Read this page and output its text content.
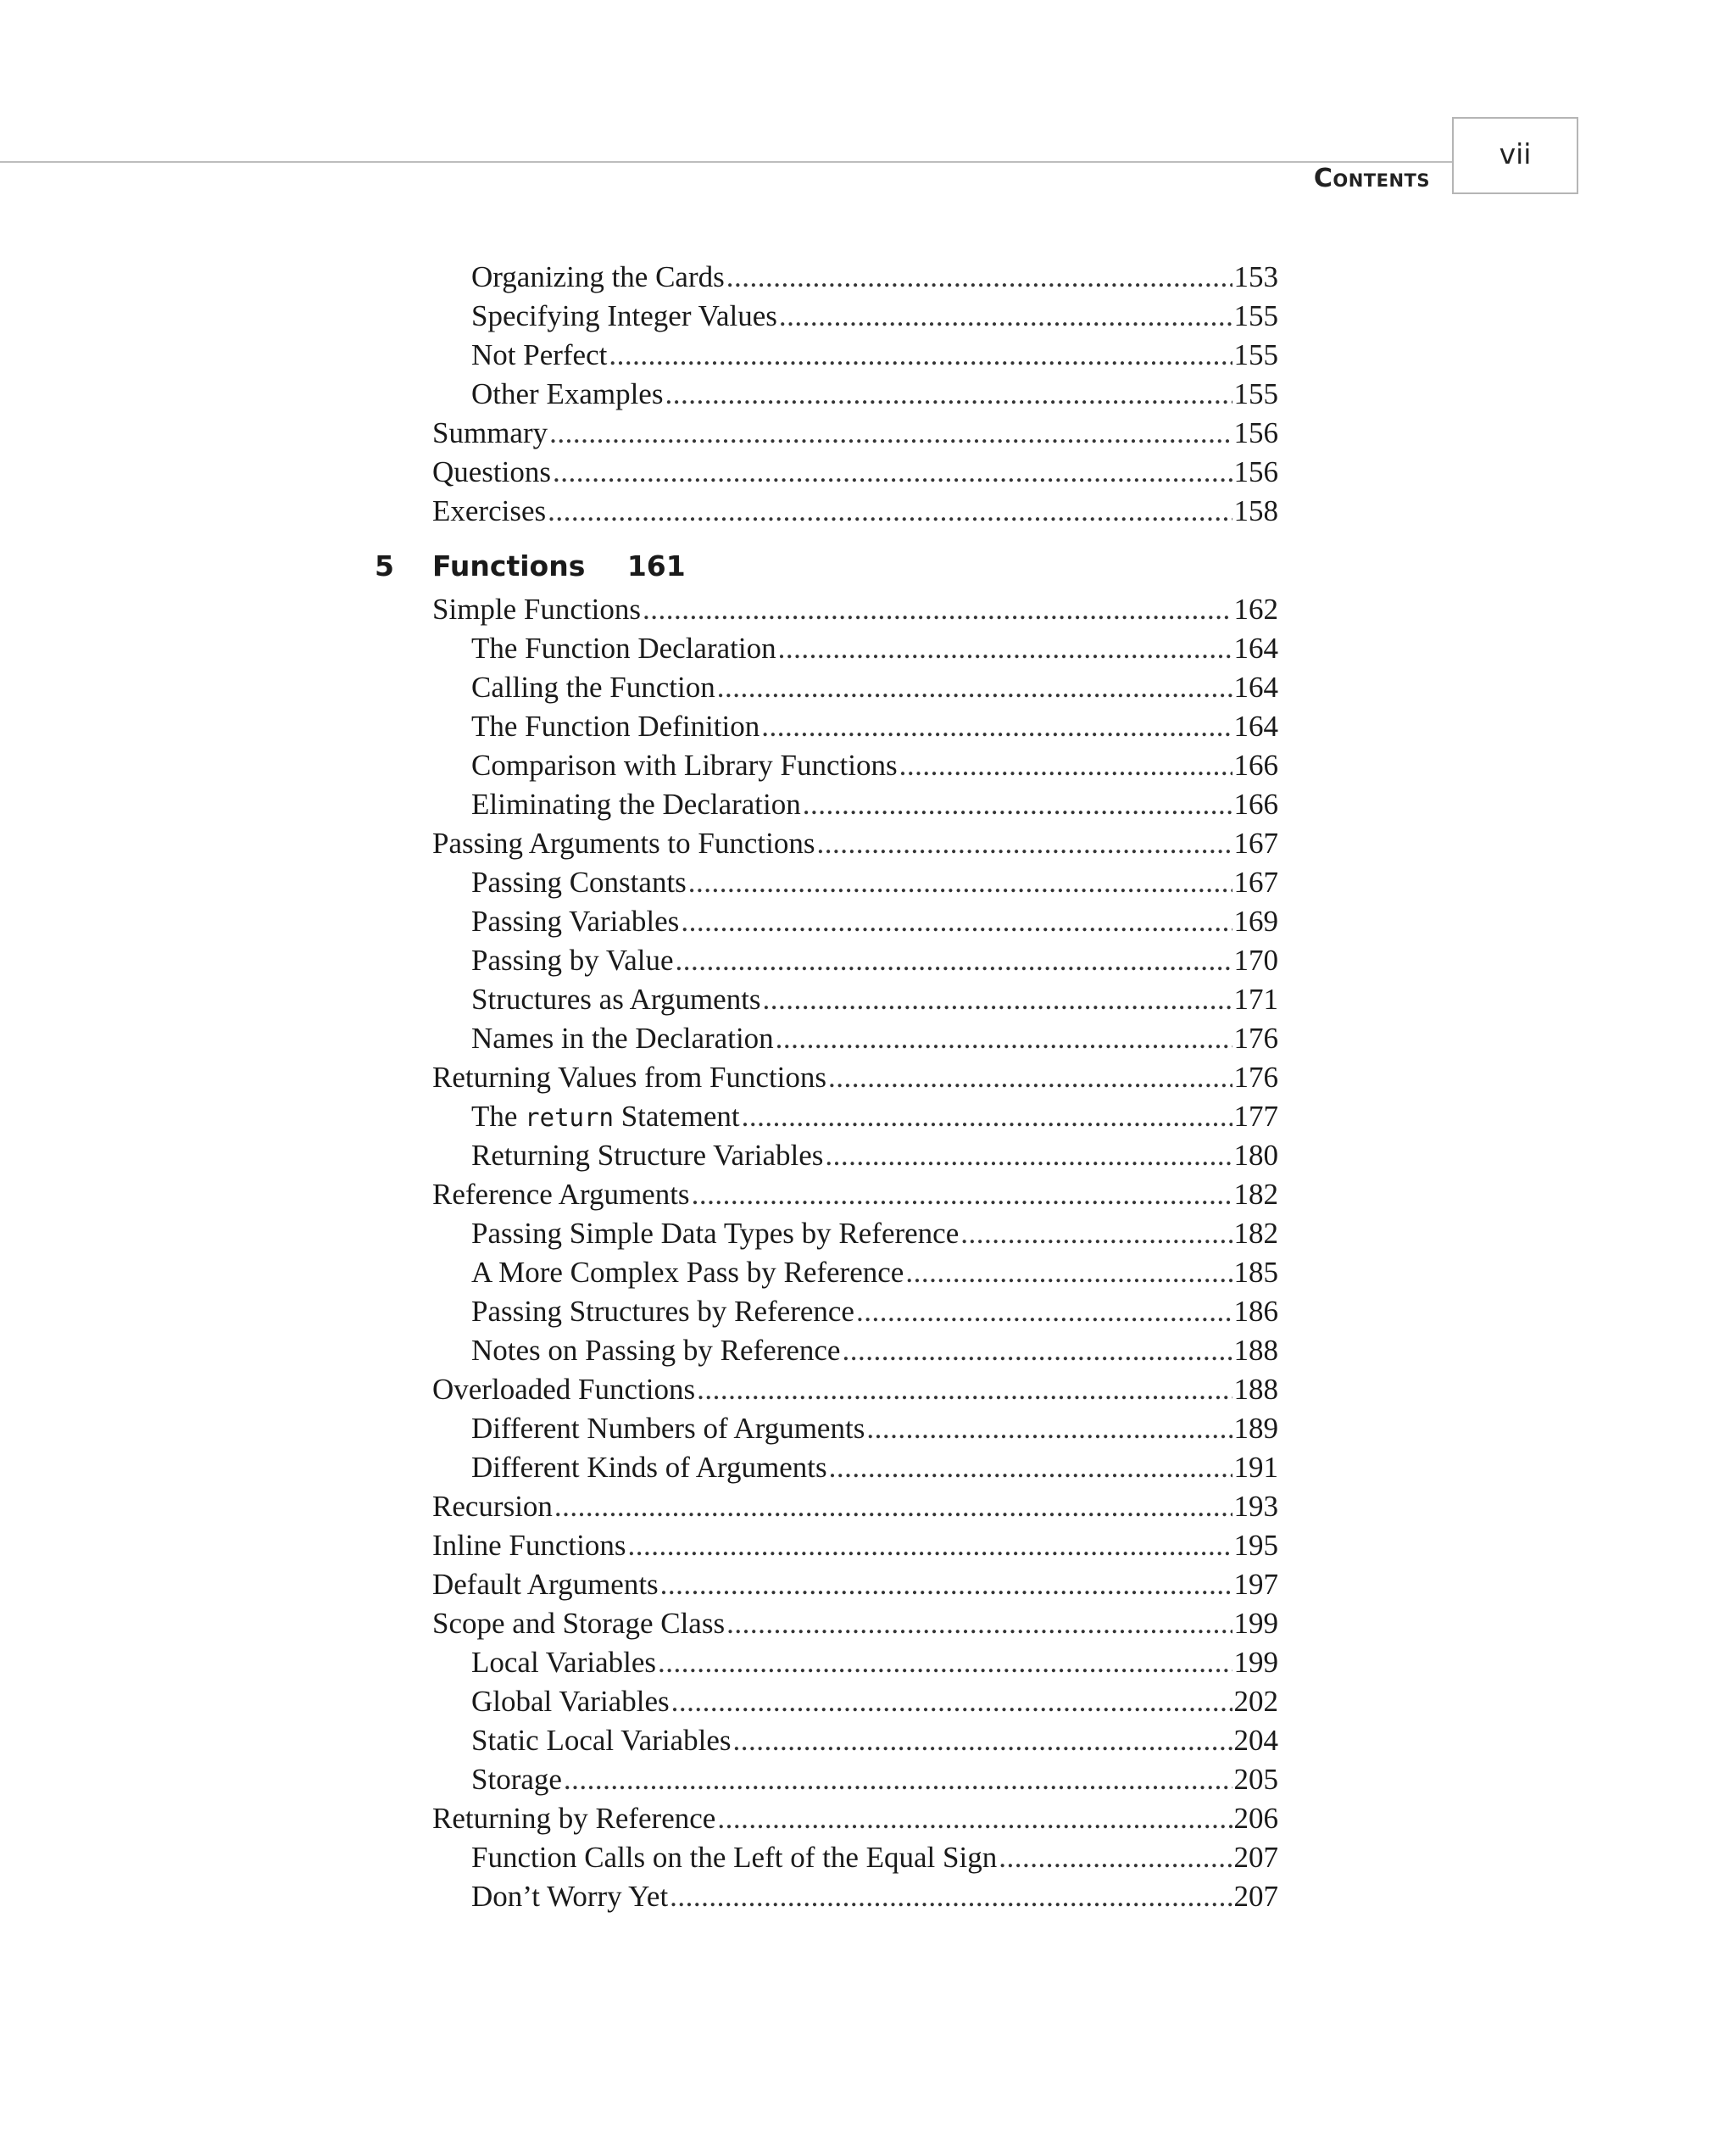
Contents
vii
Organizing the Cards .....	153
Specifying Integer Values .....	155
Not Perfect .....	155
Other Examples .....	155
Summary .....	156
Questions .....	156
Exercises .....	158
5 Functions 161
Simple Functions .....	162
The Function Declaration .....	164
Calling the Function .....	164
The Function Definition .....	164
Comparison with Library Functions .....	166
Eliminating the Declaration .....	166
Passing Arguments to Functions .....	167
Passing Constants .....	167
Passing Variables .....	169
Passing by Value .....	170
Structures as Arguments .....	171
Names in the Declaration .....	176
Returning Values from Functions .....	176
The return Statement .....	177
Returning Structure Variables .....	180
Reference Arguments .....	182
Passing Simple Data Types by Reference .....	182
A More Complex Pass by Reference .....	185
Passing Structures by Reference .....	186
Notes on Passing by Reference .....	188
Overloaded Functions .....	188
Different Numbers of Arguments .....	189
Different Kinds of Arguments .....	191
Recursion .....	193
Inline Functions .....	195
Default Arguments .....	197
Scope and Storage Class .....	199
Local Variables .....	199
Global Variables .....	202
Static Local Variables .....	204
Storage .....	205
Returning by Reference .....	206
Function Calls on the Left of the Equal Sign .....	207
Don’t Worry Yet .....	207
